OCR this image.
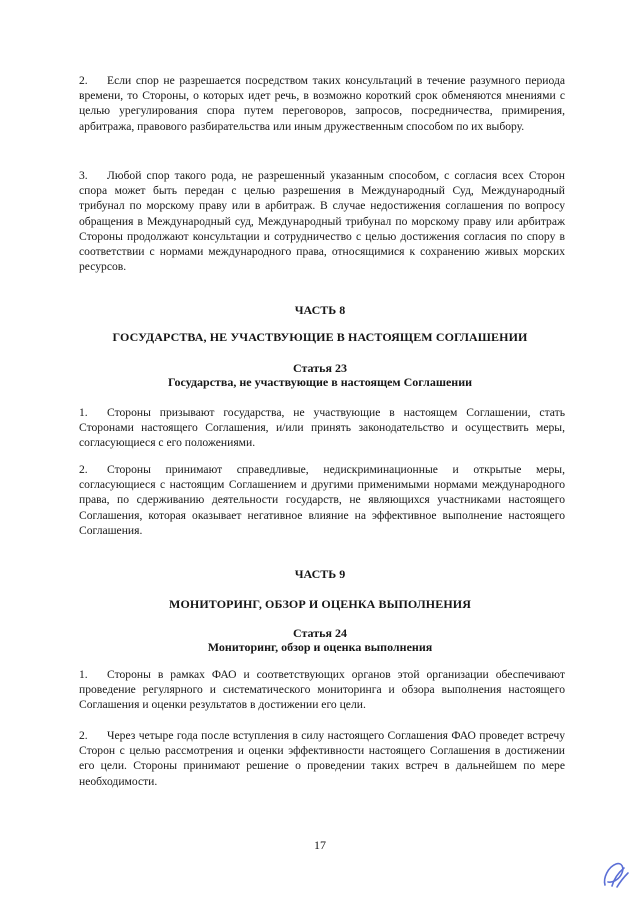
2. Если спор не разрешается посредством таких консультаций в течение разумного периода времени, то Стороны, о которых идет речь, в возможно короткий срок обменяются мнениями с целью урегулирования спора путем переговоров, запросов, посредничества, примирения, арбитража, правового разбирательства или иным дружественным способом по их выбору.

3. Любой спор такого рода, не разрешенный указанным способом, с согласия всех Сторон спора может быть передан с целью разрешения в Международный Суд, Международный трибунал по морскому праву или в арбитраж. В случае недостижения соглашения по вопросу обращения в Международный суд, Международный трибунал по морскому праву или арбитраж Стороны продолжают консультации и сотрудничество с целью достижения согласия по спору в соответствии с нормами международного права, относящимися к сохранению живых морских ресурсов.

ЧАСТЬ 8

ГОСУДАРСТВА, НЕ УЧАСТВУЮЩИЕ В НАСТОЯЩЕМ СОГЛАШЕНИИ

Статья 23

Государства, не участвующие в настоящем Соглашении

1. Стороны призывают государства, не участвующие в настоящем Соглашении, стать Сторонами настоящего Соглашения, и/или принять законодательство и осуществить меры, согласующиеся с его положениями.

2. Стороны принимают справедливые, недискриминационные и открытые меры, согласующиеся с настоящим Соглашением и другими применимыми нормами международного права, по сдерживанию деятельности государств, не являющихся участниками настоящего Соглашения, которая оказывает негативное влияние на эффективное выполнение настоящего Соглашения.

ЧАСТЬ 9

МОНИТОРИНГ, ОБЗОР И ОЦЕНКА ВЫПОЛНЕНИЯ

Статья 24

Мониторинг, обзор и оценка выполнения

1. Стороны в рамках ФАО и соответствующих органов этой организации обеспечивают проведение регулярного и систематического мониторинга и обзора выполнения настоящего Соглашения и оценки результатов в достижении его цели.

2. Через четыре года после вступления в силу настоящего Соглашения ФАО проведет встречу Сторон с целью рассмотрения и оценки эффективности настоящего Соглашения в достижении его цели. Стороны принимают решение о проведении таких встреч в дальнейшем по мере необходимости.

17
